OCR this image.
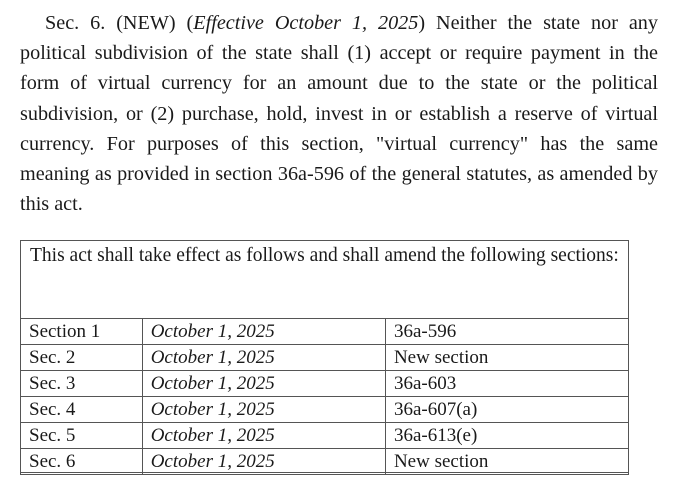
Sec. 6. (NEW) (Effective October 1, 2025) Neither the state nor any political subdivision of the state shall (1) accept or require payment in the form of virtual currency for an amount due to the state or the political subdivision, or (2) purchase, hold, invest in or establish a reserve of virtual currency. For purposes of this section, "virtual currency" has the same meaning as provided in section 36a-596 of the general statutes, as amended by this act.

This act shall take effect as follows and shall amend the following sections:

Section 1	October 1, 2025	36a-596
Sec. 2	October 1, 2025	New section
Sec. 3	October 1, 2025	36a-603
Sec. 4	October 1, 2025	36a-607(a)
Sec. 5	October 1, 2025	36a-613(e)
Sec. 6	October 1, 2025	New section
